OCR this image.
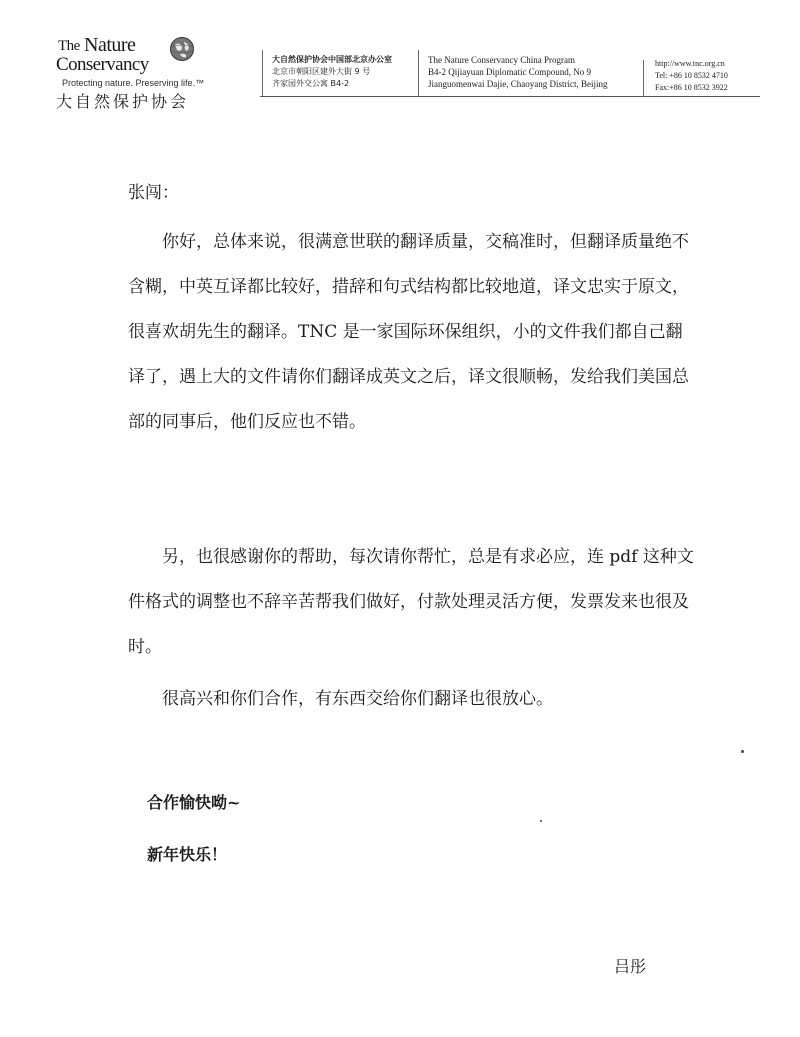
The Nature
Conservancy
Protecting nature. Preserving life.™
大自然保护协会
大自然保护协会中国部北京办公室
北京市朝阳区建外大街 9 号
齐家园外交公寓 B4-2
The Nature Conservancy China Program
B4-2 Qijiayuan Diplomatic Compound, No 9
Jianguomenwai Dajie, Chaoyang District, Beijing
http://www.tnc.org.cn
Tel: +86 10 8532 4710
Fax:+86 10 8532 3922
张闯：

你好，总体来说，很满意世联的翻译质量，交稿准时，但翻译质量绝不含糊，中英互译都比较好，措辞和句式结构都比较地道，译文忠实于原文，很喜欢胡先生的翻译。TNC 是一家国际环保组织，小的文件我们都自己翻译了，遇上大的文件请你们翻译成英文之后，译文很顺畅，发给我们美国总部的同事后，他们反应也不错。

另，也很感谢你的帮助，每次请你帮忙，总是有求必应，连 pdf 这种文件格式的调整也不辞辛苦帮我们做好，付款处理灵活方便，发票发来也很及时。

很高兴和你们合作，有东西交给你们翻译也很放心。

合作愉快呦~
新年快乐！
吕彤
